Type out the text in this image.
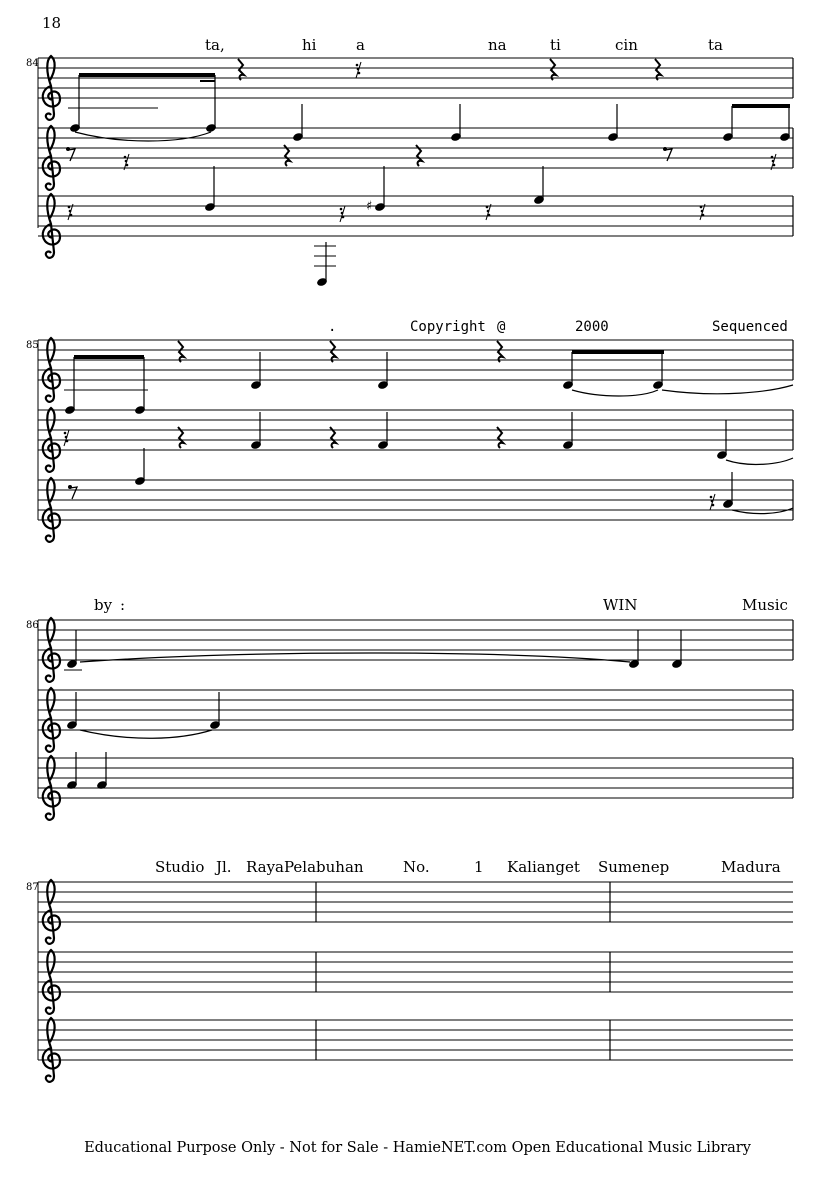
18
84
♯
ta,	hi	a	na	ti	cin	ta
85
.	Copyright @	2000	Sequenced
86
by :	WIN	Music
87
Studio Jl. Raya Pelabuhan	No.	1 Kalianget Sumenep	Madura
Educational Purpose Only - Not for Sale - HamieNET.com Open Educational Music Library
